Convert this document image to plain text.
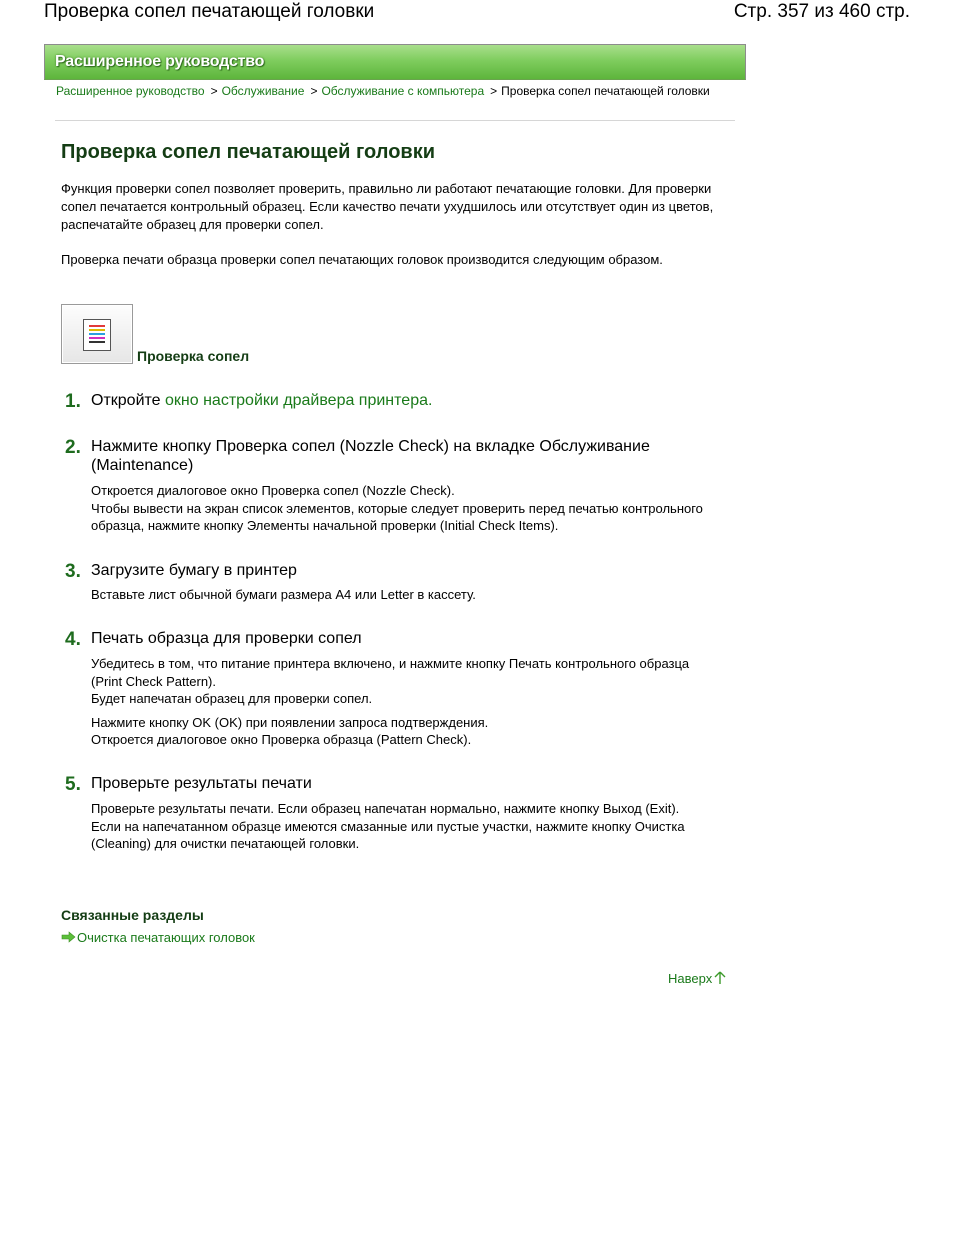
Проверка сопел печатающей головки	Стр. 357 из 460 стр.
Расширенное руководство
Расширенное руководство > Обслуживание > Обслуживание с компьютера > Проверка сопел печатающей головки
Проверка сопел печатающей головки

Функция проверки сопел позволяет проверить, правильно ли работают печатающие головки. Для проверки сопел печатается контрольный образец. Если качество печати ухудшилось или отсутствует один из цветов, распечатайте образец для проверки сопел.

Проверка печати образца проверки сопел печатающих головок производится следующим образом.

Проверка сопел
1. Откройте окно настройки драйвера принтера.
2. Нажмите кнопку Проверка сопел (Nozzle Check) на вкладке Обслуживание (Maintenance)

Откроется диалоговое окно Проверка сопел (Nozzle Check).
Чтобы вывести на экран список элементов, которые следует проверить перед печатью контрольного образца, нажмите кнопку Элементы начальной проверки (Initial Check Items).

3. Загрузите бумагу в принтер

Вставьте лист обычной бумаги размера A4 или Letter в кассету.

4. Печать образца для проверки сопел

Убедитесь в том, что питание принтера включено, и нажмите кнопку Печать контрольного образца (Print Check Pattern).
Будет напечатан образец для проверки сопел.

Нажмите кнопку OK (OK) при появлении запроса подтверждения.
Откроется диалоговое окно Проверка образца (Pattern Check).

5. Проверьте результаты печати

Проверьте результаты печати. Если образец напечатан нормально, нажмите кнопку Выход (Exit).
Если на напечатанном образце имеются смазанные или пустые участки, нажмите кнопку Очистка (Cleaning) для очистки печатающей головки.

Связанные разделы
Очистка печатающих головок
Наверх
